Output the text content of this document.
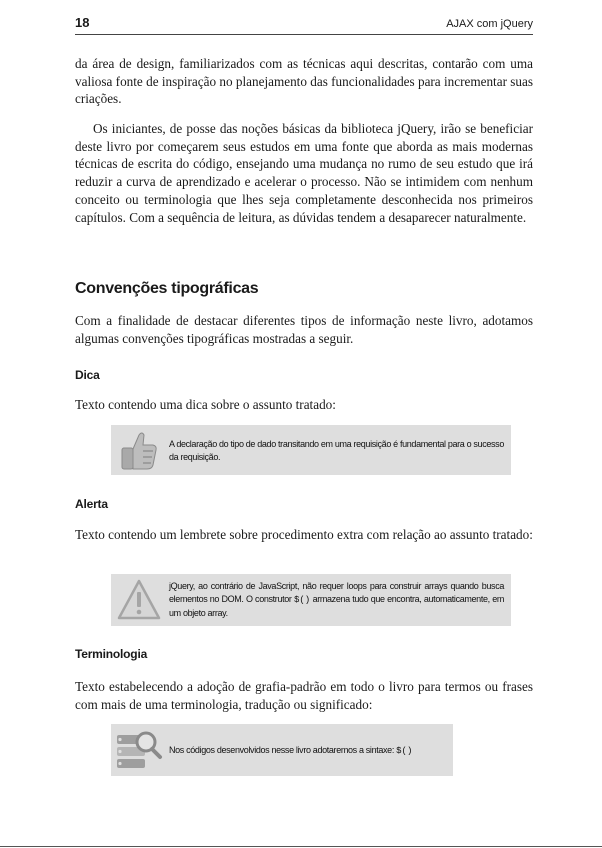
18	AJAX com jQuery

da área de design, familiarizados com as técnicas aqui descritas, contarão com uma valiosa fonte de inspiração no planejamento das funcionalidades para incrementar suas criações.

Os iniciantes, de posse das noções básicas da biblioteca jQuery, irão se beneficiar deste livro por começarem seus estudos em uma fonte que aborda as mais modernas técnicas de escrita do código, ensejando uma mudança no rumo de seu estudo que irá reduzir a curva de aprendizado e acelerar o processo. Não se intimidem com nenhum conceito ou terminologia que lhes seja completamente desconhecida nos primeiros capítulos. Com a sequência de leitura, as dúvidas tendem a desaparecer naturalmente.

Convenções tipográficas

Com a finalidade de destacar diferentes tipos de informação neste livro, adotamos algumas convenções tipográficas mostradas a seguir.

Dica

Texto contendo uma dica sobre o assunto tratado:

A declaração do tipo de dado transitando em uma requisição é fundamental para o sucesso da requisição.
Alerta

Texto contendo um lembrete sobre procedimento extra com relação ao assunto tratado:

jQuery, ao contrário de JavaScript, não requer loops para construir arrays quando busca elementos no DOM. O construtor $() armazena tudo que encontra, automaticamente, em um objeto array.
Terminologia

Texto estabelecendo a adoção de grafia-padrão em todo o livro para termos ou frases com mais de uma terminologia, tradução ou significado:

Nos códigos desenvolvidos nesse livro adotaremos a sintaxe: $()
